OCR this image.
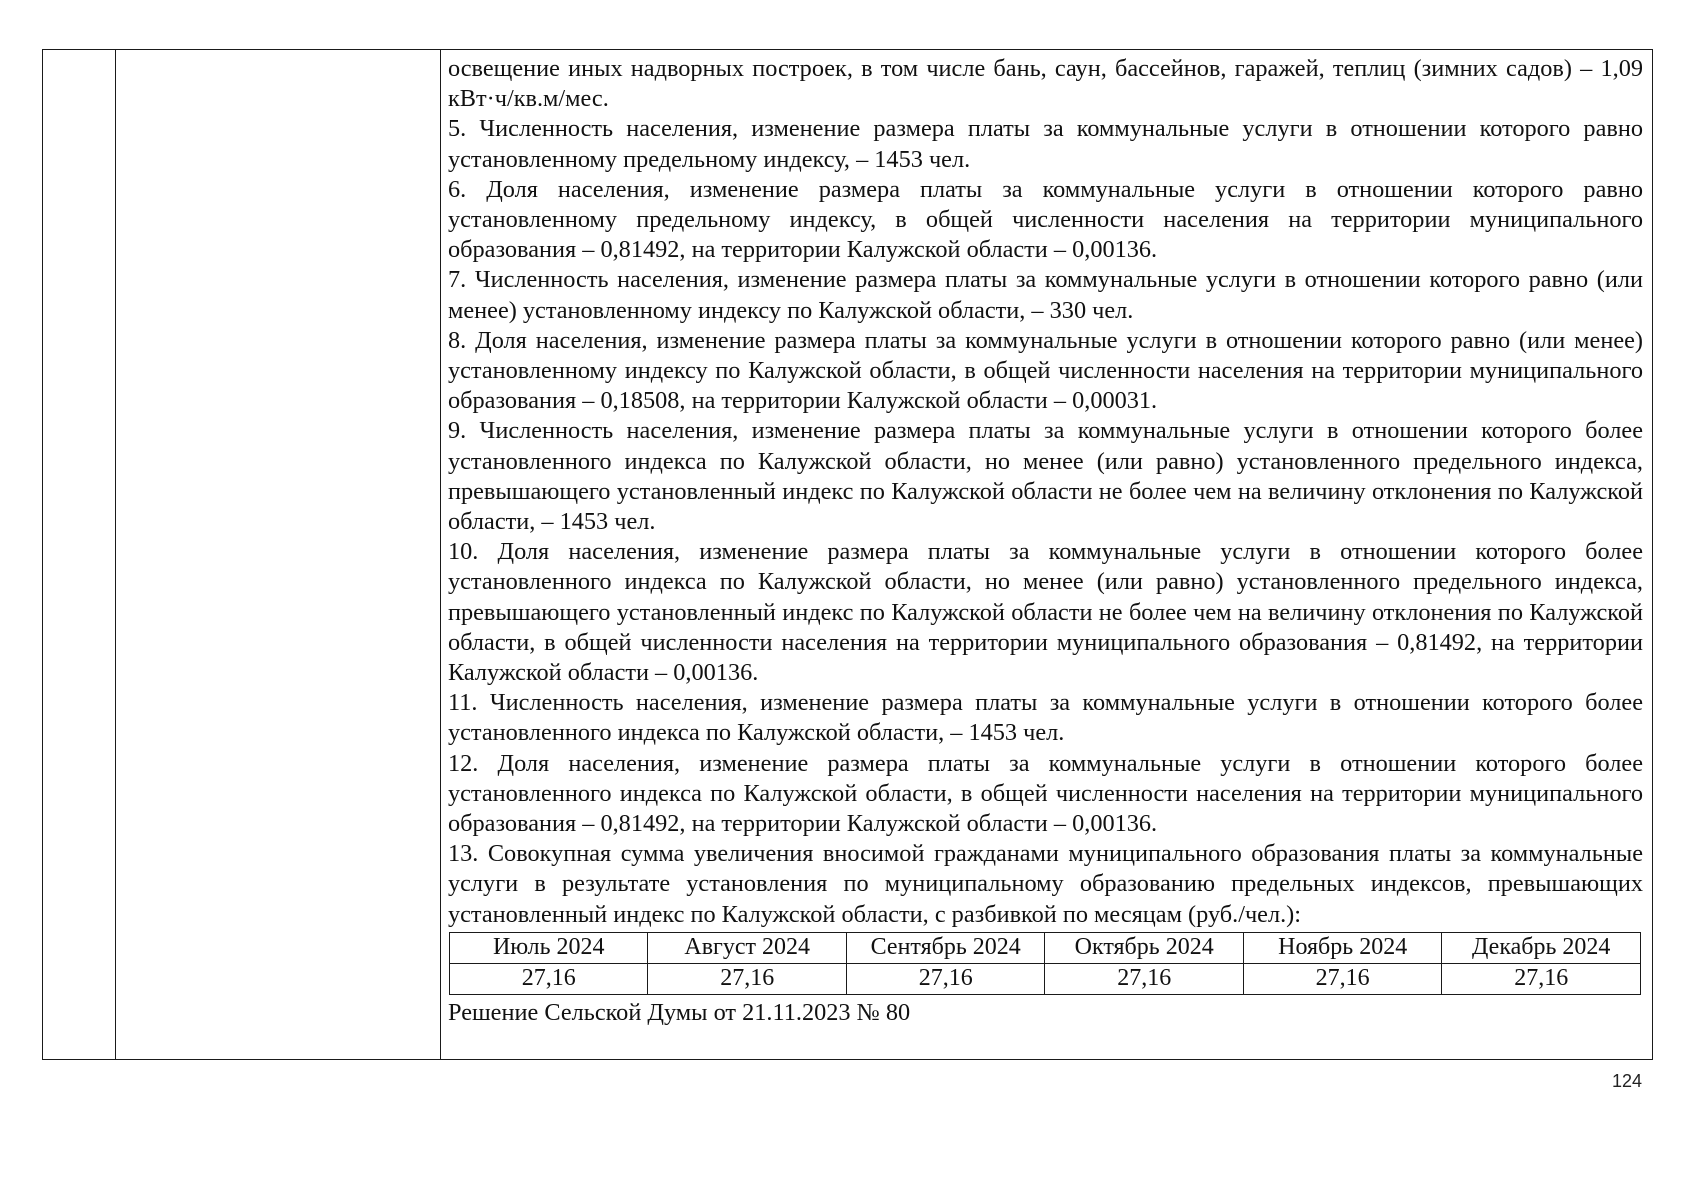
освещение иных надворных построек, в том числе бань, саун, бассейнов, гаражей, теплиц (зимних садов) – 1,09 кВт·ч/кв.м/мес.

5. Численность населения, изменение размера платы за коммунальные услуги в отношении которого равно установленному предельному индексу, – 1453 чел.

6. Доля населения, изменение размера платы за коммунальные услуги в отношении которого равно установленному предельному индексу, в общей численности населения на территории муниципального образования – 0,81492, на территории Калужской области – 0,00136.

7. Численность населения, изменение размера платы за коммунальные услуги в отношении которого равно (или менее) установленному индексу по Калужской области, – 330 чел.

8. Доля населения, изменение размера платы за коммунальные услуги в отношении которого равно (или менее) установленному индексу по Калужской области, в общей численности населения на территории муниципального образования – 0,18508, на территории Калужской области – 0,00031.

9. Численность населения, изменение размера платы за коммунальные услуги в отношении которого более установленного индекса по Калужской области, но менее (или равно) установленного предельного индекса, превышающего установленный индекс по Калужской области не более чем на величину отклонения по Калужской области, – 1453 чел.

10. Доля населения, изменение размера платы за коммунальные услуги в отношении которого более установленного индекса по Калужской области, но менее (или равно) установленного предельного индекса, превышающего установленный индекс по Калужской области не более чем на величину отклонения по Калужской области, в общей численности населения на территории муниципального образования – 0,81492, на территории Калужской области – 0,00136.

11. Численность населения, изменение размера платы за коммунальные услуги в отношении которого более установленного индекса по Калужской области, – 1453 чел.

12. Доля населения, изменение размера платы за коммунальные услуги в отношении которого более установленного индекса по Калужской области, в общей численности населения на территории муниципального образования – 0,81492, на территории Калужской области – 0,00136.

13. Совокупная сумма увеличения вносимой гражданами муниципального образования платы за коммунальные услуги в результате установления по муниципальному образованию предельных индексов, превышающих установленный индекс по Калужской области, с разбивкой по месяцам (руб./чел.):

Июль 2024	Август 2024	Сентябрь 2024	Октябрь 2024	Ноябрь 2024	Декабрь 2024
27,16	27,16	27,16	27,16	27,16	27,16

Решение Сельской Думы от 21.11.2023 № 80

124
